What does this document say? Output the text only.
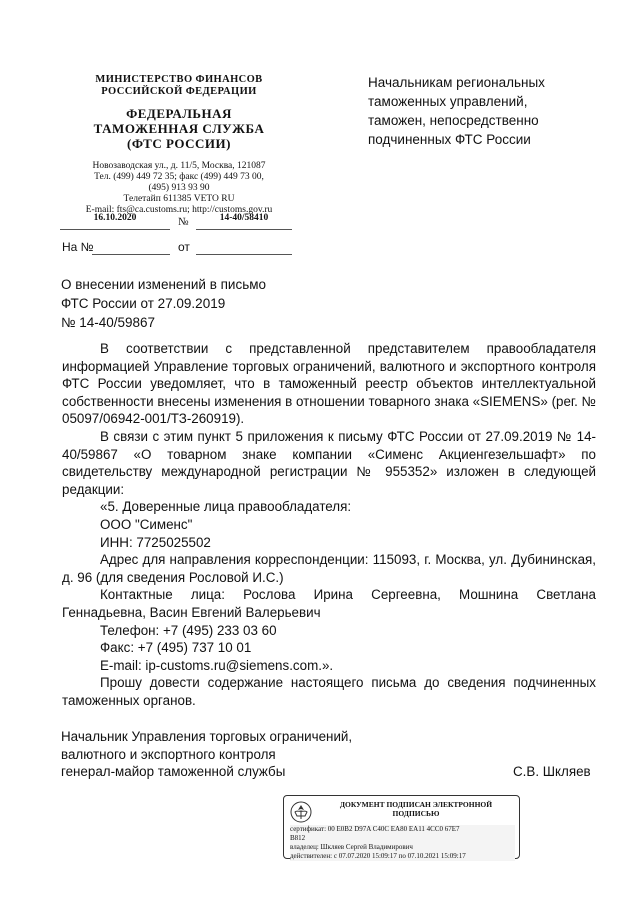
МИНИСТЕРСТВО ФИНАНСОВ
РОССИЙСКОЙ ФЕДЕРАЦИИ
ФЕДЕРАЛЬНАЯ
ТАМОЖЕННАЯ СЛУЖБА
(ФТС РОССИИ)
Новозаводская ул., д. 11/5, Москва, 121087
Тел. (499) 449 72 35; факс (499) 449 73 00,
(495) 913 93 90
Телетайп 611385 VETO RU
E-mail: fts@ca.customs.ru; http://customs.gov.ru
16.10.2020	№	14-40/58410
На №	от
Начальникам региональных
таможенных управлений,
таможен, непосредственно
подчиненных ФТС России
О внесении изменений в письмо
ФТС России от 27.09.2019
№ 14-40/59867

В соответствии с представленной представителем правообладателя информацией Управление торговых ограничений, валютного и экспортного контроля ФТС России уведомляет, что в таможенный реестр объектов интеллектуальной собственности внесены изменения в отношении товарного знака «SIEMENS» (рег. № 05097/06942-001/ТЗ-260919).

В связи с этим пункт 5 приложения к письму ФТС России от 27.09.2019 № 14-40/59867 «О товарном знаке компании «Сименс Акциенгезельшафт» по свидетельству международной регистрации № 955352» изложен в следующей редакции:

«5. Доверенные лица правообладателя:

ООО "Сименс"

ИНН: 7725025502

Адрес для направления корреспонденции: 115093, г. Москва, ул. Дубининская, д. 96 (для сведения Рословой И.С.)

Контактные лица: Рослова Ирина Сергеевна, Мошнина Светлана Геннадьевна, Васин Евгений Валерьевич

Телефон: +7 (495) 233 03 60

Факс: +7 (495) 737 10 01

E-mail: ip-customs.ru@siemens.com.».

Прошу довести содержание настоящего письма до сведения подчиненных таможенных органов.

Начальник Управления торговых ограничений,
валютного и экспортного контроля
генерал-майор таможенной службы	С.В. Шкляев
ДОКУМЕНТ ПОДПИСАН ЭЛЕКТРОННОЙ
ПОДПИСЬЮ
сертификат: 00 E0B2 D97A C40C EA80 EA11 4CC0 67E7
B812
владелец: Шкляев Сергей Владимирович
действителен: с 07.07.2020 15:09:17 по 07.10.2021 15:09:17
